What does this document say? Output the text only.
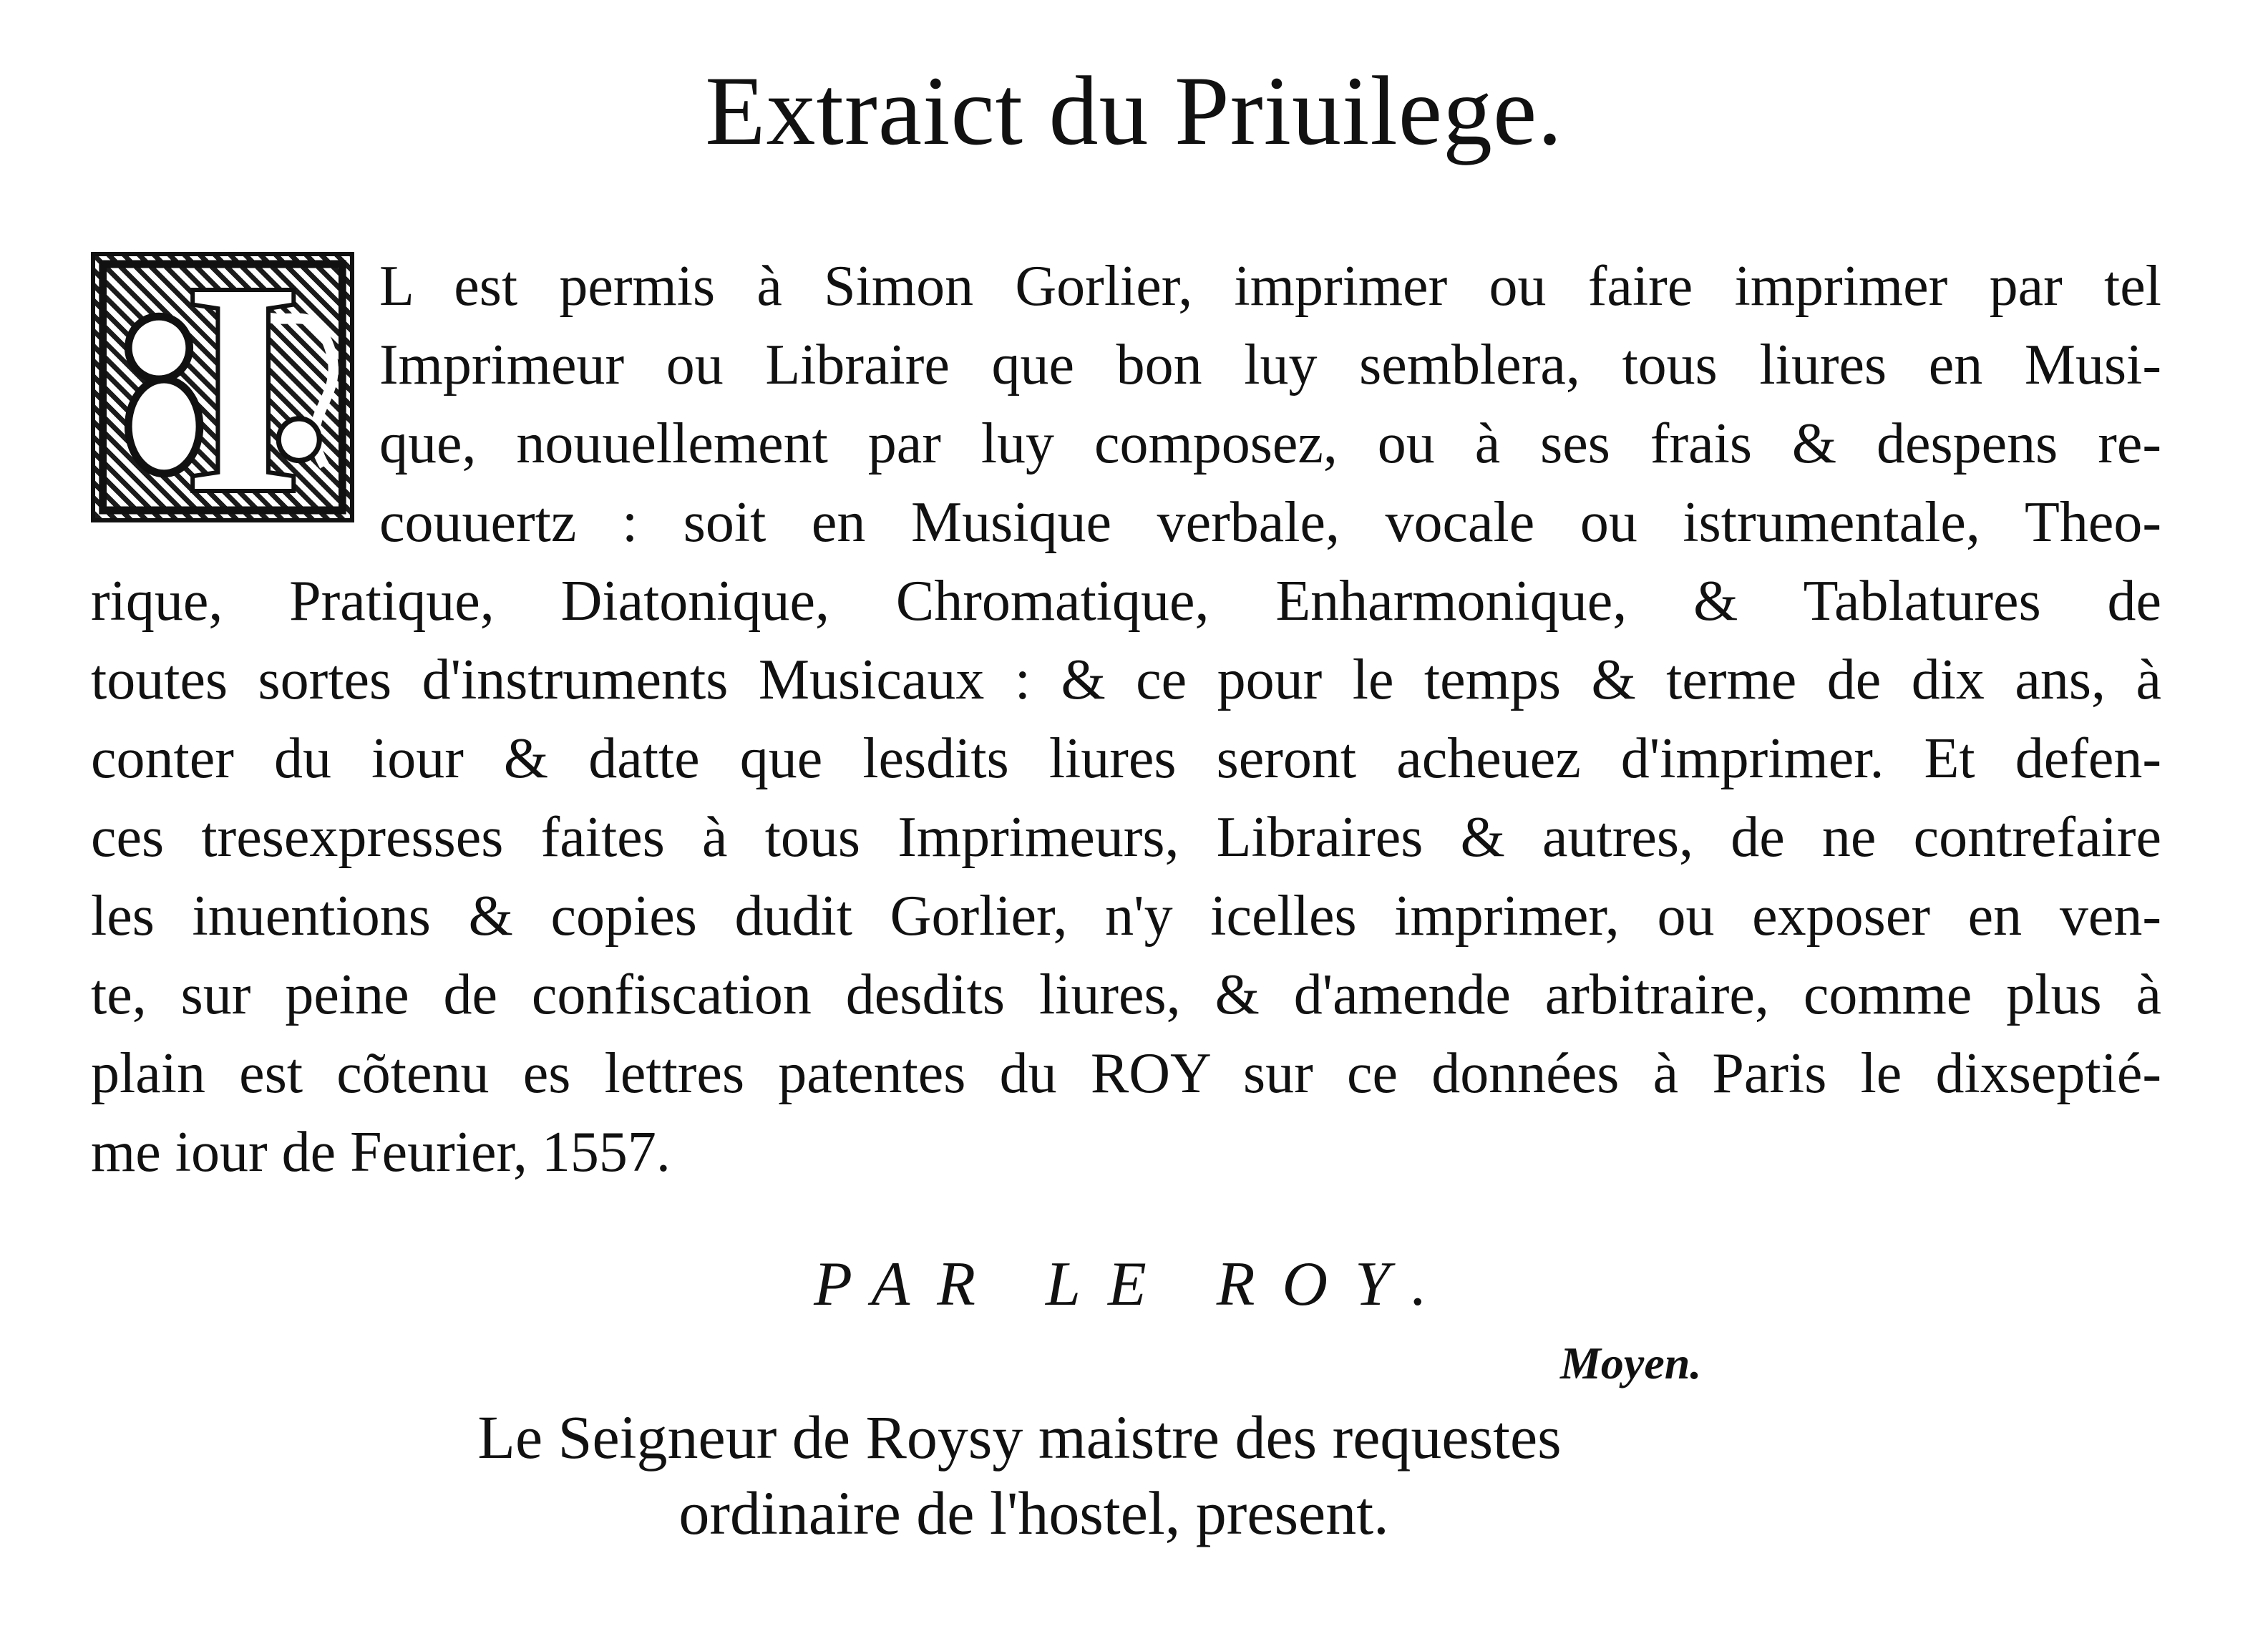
Extraict du Priuilege.
I L est permis à Simon Gorlier, imprimer ou faire imprimer par tel
Imprimeur ou Libraire que bon luy semblera, tous liures en Musi-
que, nouuellement par luy composez, ou à ses frais & despens re-
couuertz : soit en Musique verbale, vocale ou istrumentale, Theo-
rique, Pratique, Diatonique, Chromatique, Enharmonique, & Tablatures de
toutes sortes d'instruments Musicaux : & ce pour le temps & terme de dix ans, à
conter du iour & datte que lesdits liures seront acheuez d'imprimer. Et defen-
ces tresexpresses faites à tous Imprimeurs, Libraires & autres, de ne contrefaire
les inuentions & copies dudit Gorlier, n'y icelles imprimer, ou exposer en ven-
te, sur peine de confiscation desdits liures, & d'amende arbitraire, comme plus à
plain est cõtenu es lettres patentes du ROY sur ce données à Paris le dixseptié-
me iour de Feurier, 1557.
PAR LE ROY.
Moyen.
Le Seigneur de Roysy maistre des requestes
ordinaire de l'hostel, present.
